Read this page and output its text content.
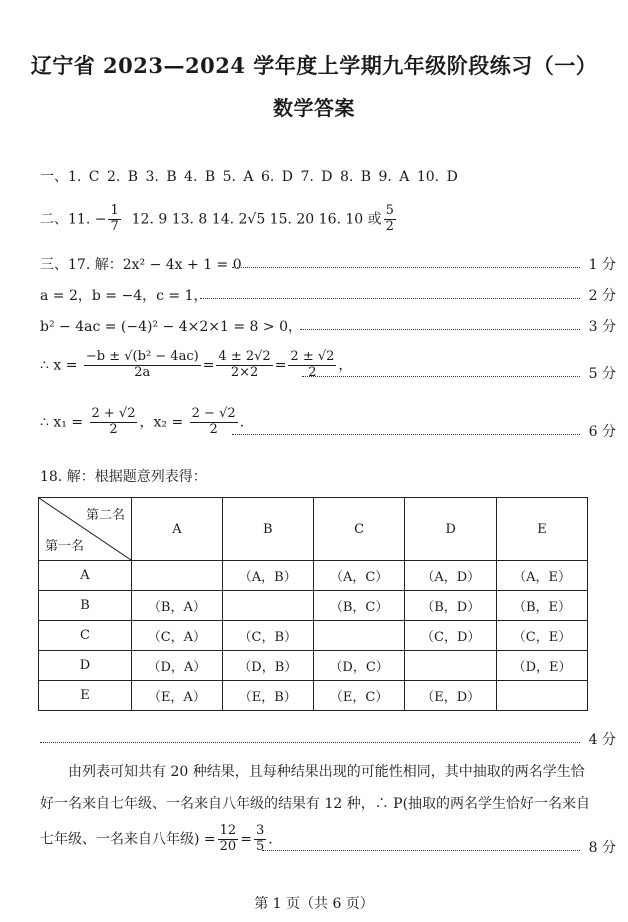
辽宁省 2023—2024 学年度上学期九年级阶段练习（一）
数学答案
一、1. C 2. B 3. B 4. B 5. A 6. D 7. D 8. B 9. A 10. D
二、11. − $\frac{1}{7} 12$. 9 13. 8 14. 2√5 15. 20 16. 10 或 $\frac{5}{2}$
三、17. 解：2x² − 4x + 1 = 0	1 分
a = 2，b = −4，c = 1，	2 分
b² − 4ac = (−4)² − 4×2×1 = 8 > 0，	3 分
∴ $x = \frac{\text{−b ± √(b² − 4ac)}}{2a} = \frac{4 \pm 2√2}{2\times 2} = \frac{2 \pm √2}{2}$ ，
5 分
∴ $x_1 = \frac{2 + √2}{2}$ ，$x_2 = \frac{2 - √2}{2}$ .
6 分
18. 解：根据题意列表得：
第二名
第一名	A	B	C	D	E
A		（A，B）	（A，C）	（A，D）	（A，E）
B	（B，A）		（B，C）	（B，D）	（B，E）
C	（C，A）	（C，B）		（C，D）	（C，E）
D	（D，A）	（D，B）	（D，C）		（D，E）
E	（E，A）	（E，B）	（E，C）	（E，D）	
4 分
由列表可知共有 20 种结果，且每种结果出现的可能性相同，其中抽取的两名学生恰
好一名来自七年级、一名来自八年级的结果有 12 种，∴ P(抽取的两名学生恰好一名来自
七年级、一名来自八年级) = $\frac{12}{20} = \frac{3}{5}$ .
8 分
第 1 页（共 6 页）
